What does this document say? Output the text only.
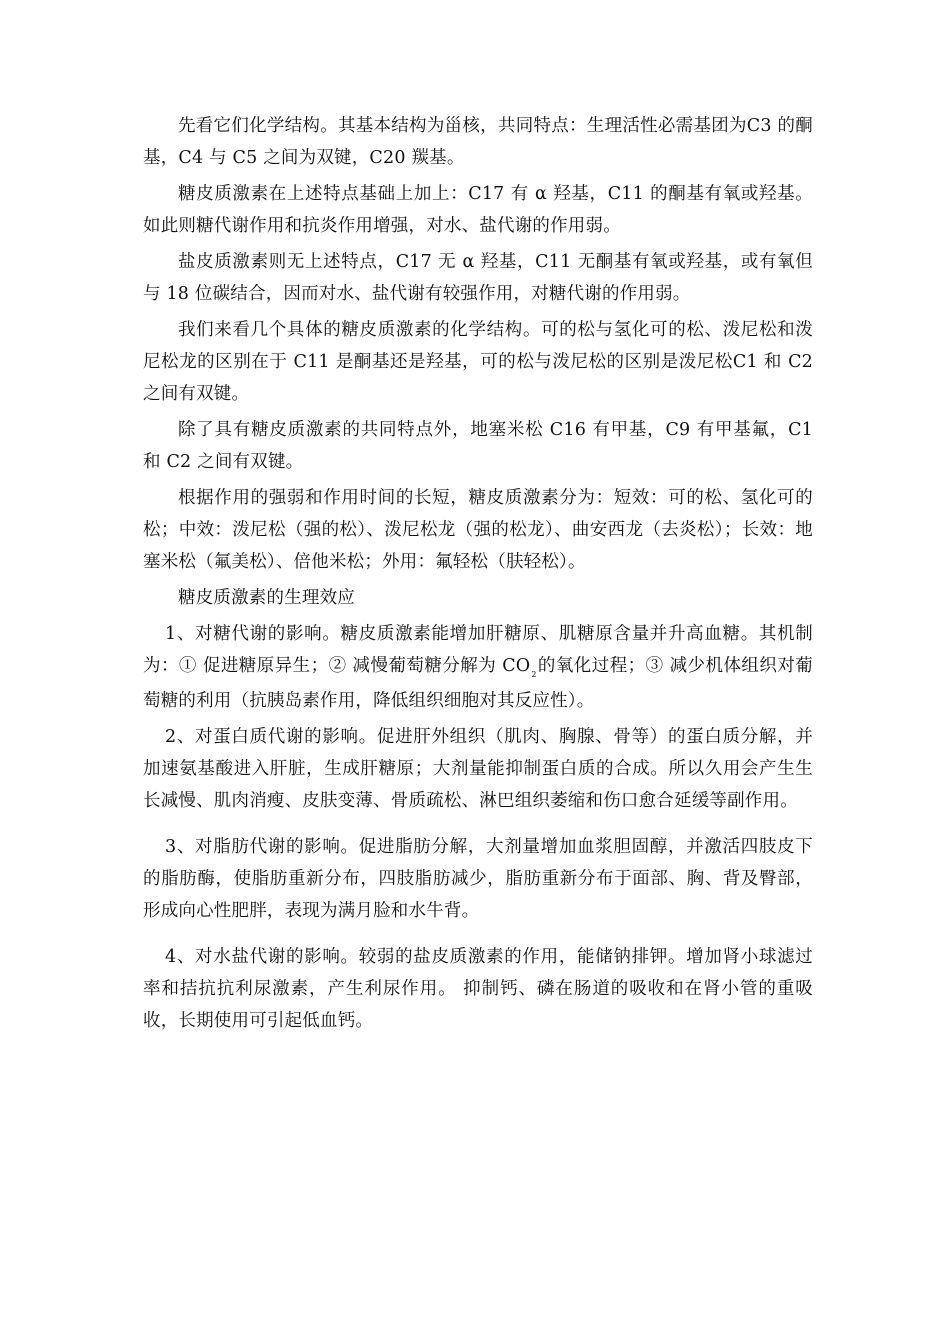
先看它们化学结构。其基本结构为甾核，共同特点：生理活性必需基团为C3 的酮基，C4 与 C5 之间为双键，C20 羰基。

糖皮质激素在上述特点基础上加上：C17 有 α 羟基，C11 的酮基有氧或羟基。如此则糖代谢作用和抗炎作用增强，对水、盐代谢的作用弱。

盐皮质激素则无上述特点，C17 无 α 羟基，C11 无酮基有氧或羟基，或有氧但与 18 位碳结合，因而对水、盐代谢有较强作用，对糖代谢的作用弱。

我们来看几个具体的糖皮质激素的化学结构。可的松与氢化可的松、泼尼松和泼尼松龙的区别在于 C11 是酮基还是羟基，可的松与泼尼松的区别是泼尼松C1 和 C2 之间有双键。

除了具有糖皮质激素的共同特点外，地塞米松 C16 有甲基，C9 有甲基氟，C1 和 C2 之间有双键。

根据作用的强弱和作用时间的长短，糖皮质激素分为：短效：可的松、氢化可的松；中效：泼尼松（强的松）、泼尼松龙（强的松龙）、曲安西龙（去炎松）；长效：地塞米松（氟美松）、倍他米松；外用：氟轻松（肤轻松）。

糖皮质激素的生理效应

1、对糖代谢的影响。糖皮质激素能增加肝糖原、肌糖原含量并升高血糖。其机制为：① 促进糖原异生；② 减慢葡萄糖分解为 $CO_2$的氧化过程；③ 减少机体组织对葡萄糖的利用（抗胰岛素作用，降低组织细胞对其反应性）。

2、对蛋白质代谢的影响。促进肝外组织（肌肉、胸腺、骨等）的蛋白质分解，并加速氨基酸进入肝脏，生成肝糖原；大剂量能抑制蛋白质的合成。所以久用会产生生长减慢、肌肉消瘦、皮肤变薄、骨质疏松、淋巴组织萎缩和伤口愈合延缓等副作用。

3、对脂肪代谢的影响。促进脂肪分解，大剂量增加血浆胆固醇，并激活四肢皮下的脂肪酶，使脂肪重新分布，四肢脂肪减少，脂肪重新分布于面部、胸、背及臀部，形成向心性肥胖，表现为满月脸和水牛背。

4、对水盐代谢的影响。较弱的盐皮质激素的作用，能储钠排钾。增加肾小球滤过率和拮抗抗利尿激素，产生利尿作用。 抑制钙、磷在肠道的吸收和在肾小管的重吸收，长期使用可引起低血钙。
